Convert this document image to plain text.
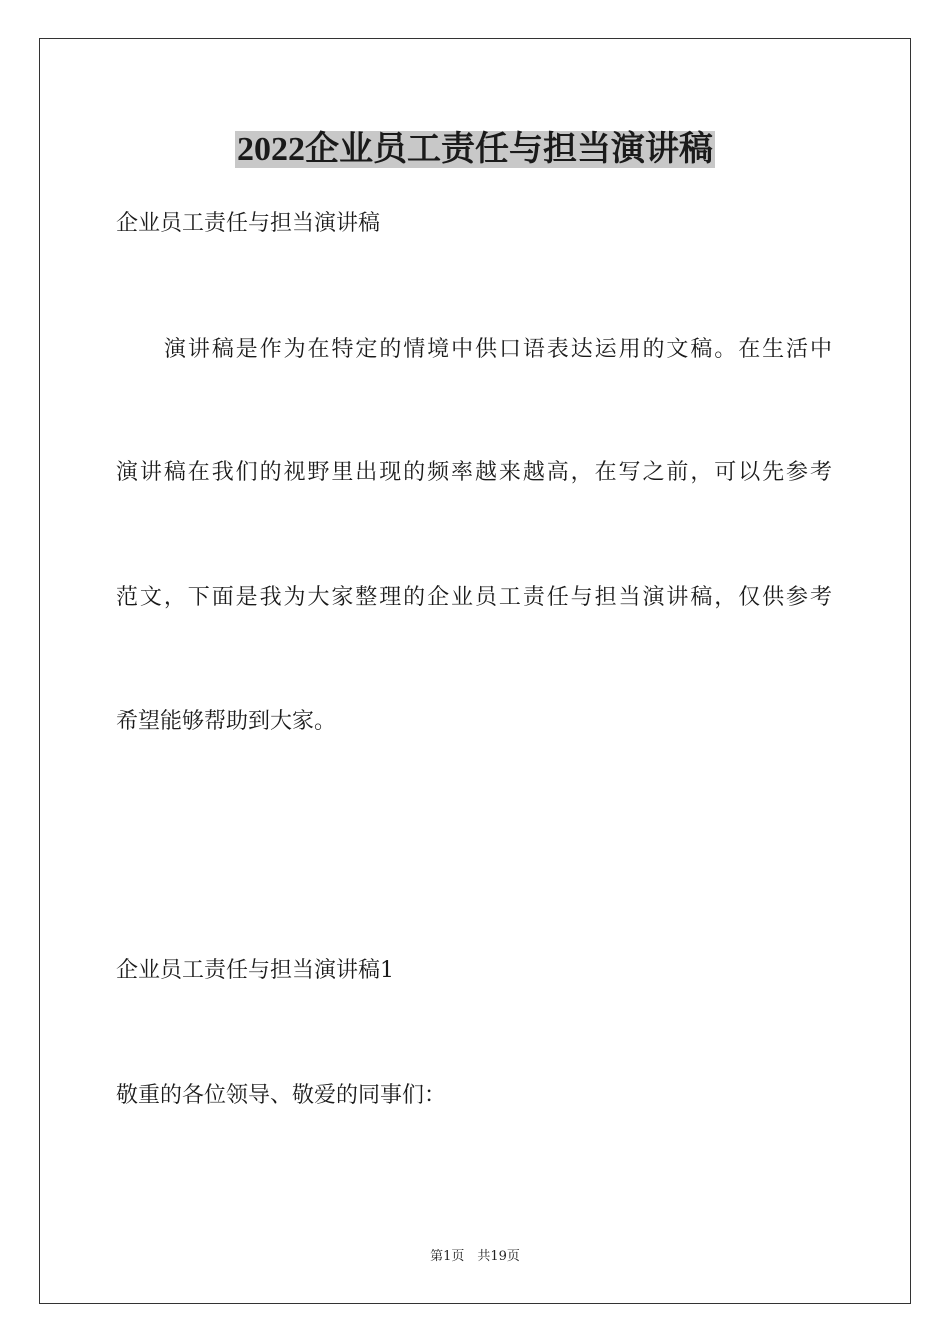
2022企业员工责任与担当演讲稿
企业员工责任与担当演讲稿
演讲稿是作为在特定的情境中供口语表达运用的文稿。在生活中
演讲稿在我们的视野里出现的频率越来越高，在写之前，可以先参考
范文，下面是我为大家整理的企业员工责任与担当演讲稿，仅供参考
希望能够帮助到大家。
企业员工责任与担当演讲稿1
敬重的各位领导、敬爱的同事们：
第1页　共19页
